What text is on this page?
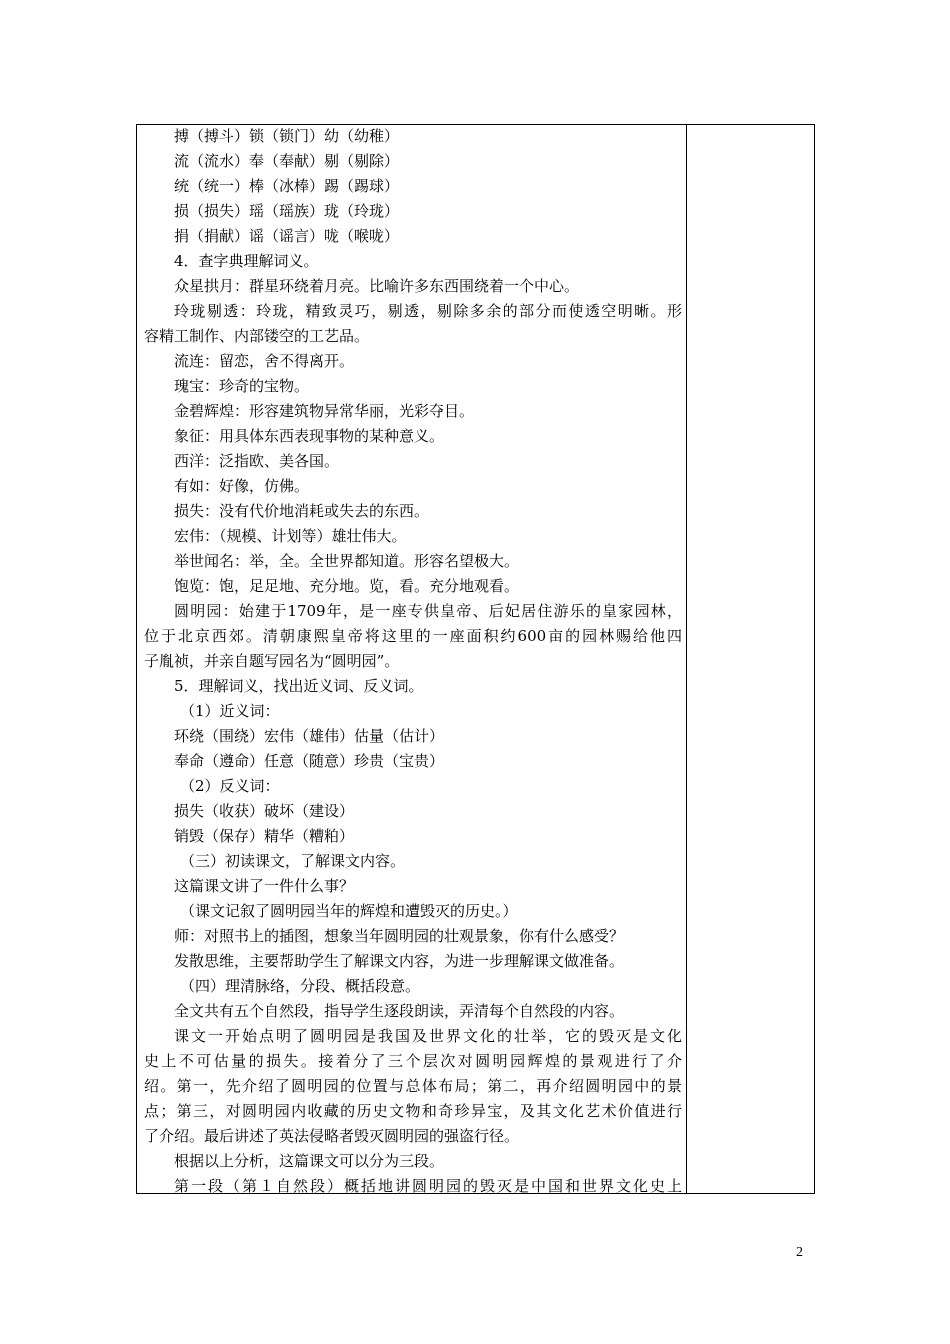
搏（搏斗）锁（锁门）幼（幼稚）
流（流水）奉（奉献）剔（剔除）
统（统一）棒（冰棒）踢（踢球）
损（损失）瑶（瑶族）珑（玲珑）
捐（捐献）谣（谣言）咙（喉咙）
4．查字典理解词义。
众星拱月：群星环绕着月亮。比喻许多东西围绕着一个中心。
玲珑剔透：玲珑，精致灵巧，剔透，剔除多余的部分而使透空明晰。形
容精工制作、内部镂空的工艺品。
流连：留恋，舍不得离开。
瑰宝：珍奇的宝物。
金碧辉煌：形容建筑物异常华丽，光彩夺目。
象征：用具体东西表现事物的某种意义。
西洋：泛指欧、美各国。
有如：好像，仿佛。
损失：没有代价地消耗或失去的东西。
宏伟：（规模、计划等）雄壮伟大。
举世闻名：举，全。全世界都知道。形容名望极大。
饱览：饱，足足地、充分地。览，看。充分地观看。
圆明园：始建于1709年，是一座专供皇帝、后妃居住游乐的皇家园林，
位于北京西郊。清朝康熙皇帝将这里的一座面积约600亩的园林赐给他四
子胤祯，并亲自题写园名为“圆明园”。
5．理解词义，找出近义词、反义词。
（1）近义词：
环绕（围绕）宏伟（雄伟）估量（估计）
奉命（遵命）任意（随意）珍贵（宝贵）
（2）反义词：
损失（收获）破坏（建设）
销毁（保存）精华（糟粕）
（三）初读课文，了解课文内容。
这篇课文讲了一件什么事？
（课文记叙了圆明园当年的辉煌和遭毁灭的历史。）
师：对照书上的插图，想象当年圆明园的壮观景象，你有什么感受？
发散思维，主要帮助学生了解课文内容，为进一步理解课文做准备。
（四）理清脉络，分段、概括段意。
全文共有五个自然段，指导学生逐段朗读，弄清每个自然段的内容。
课文一开始点明了圆明园是我国及世界文化的壮举，它的毁灭是文化
史上不可估量的损失。接着分了三个层次对圆明园辉煌的景观进行了介
绍。第一，先介绍了圆明园的位置与总体布局；第二，再介绍圆明园中的景
点；第三，对圆明园内收藏的历史文物和奇珍异宝，及其文化艺术价值进行
了介绍。最后讲述了英法侵略者毁灭圆明园的强盗行径。
根据以上分析，这篇课文可以分为三段。
第一段（第１自然段）概括地讲圆明园的毁灭是中国和世界文化史上
2
